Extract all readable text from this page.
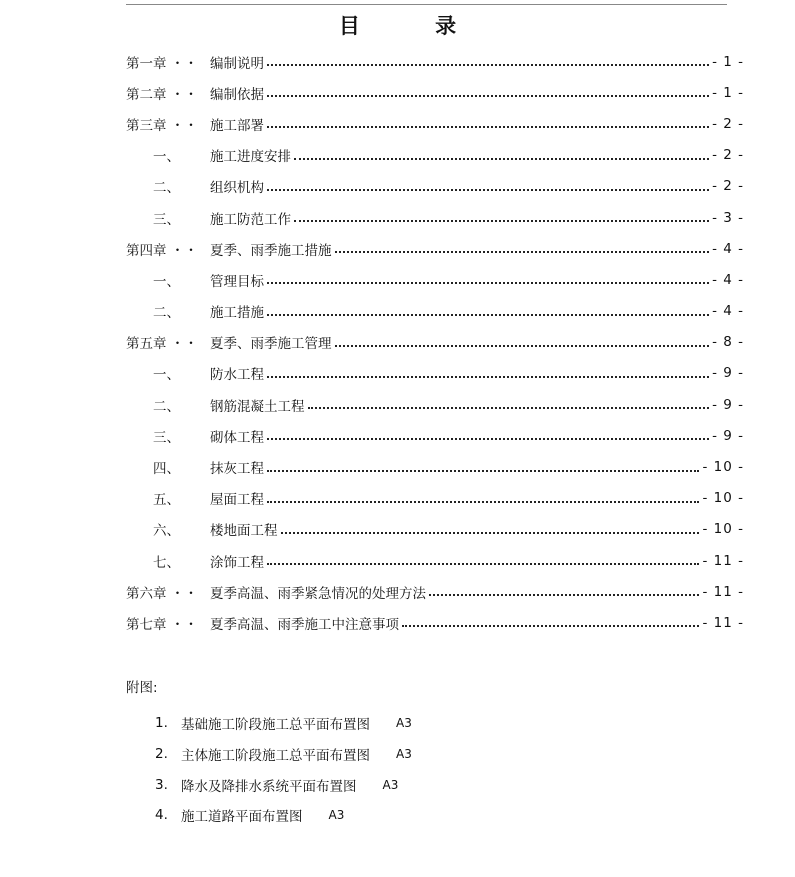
目 录
第一章 ・・ 编制说明	- 1 -
第二章 ・・ 编制依据	- 1 -
第三章 ・・ 施工部署	- 2 -
一、	施工进度安排	- 2 -
二、	组织机构	- 2 -
三、	施工防范工作	- 3 -
第四章 ・・ 夏季、雨季施工措施	- 4 -
一、	管理目标	- 4 -
二、	施工措施	- 4 -
第五章 ・・ 夏季、雨季施工管理	- 8 -
一、	防水工程	- 9 -
二、	钢筋混凝土工程	- 9 -
三、	砌体工程	- 9 -
四、	抹灰工程	- 10 -
五、	屋面工程	- 10 -
六、	楼地面工程	- 10 -
七、	涂饰工程	- 11 -
第六章 ・・ 夏季高温、雨季紧急情况的处理方法	- 11 -
第七章 ・・ 夏季高温、雨季施工中注意事项	- 11 -
附图:
1. 基础施工阶段施工总平面布置图 A3
2. 主体施工阶段施工总平面布置图 A3
3. 降水及降排水系统平面布置图 A3
4. 施工道路平面布置图 A3
